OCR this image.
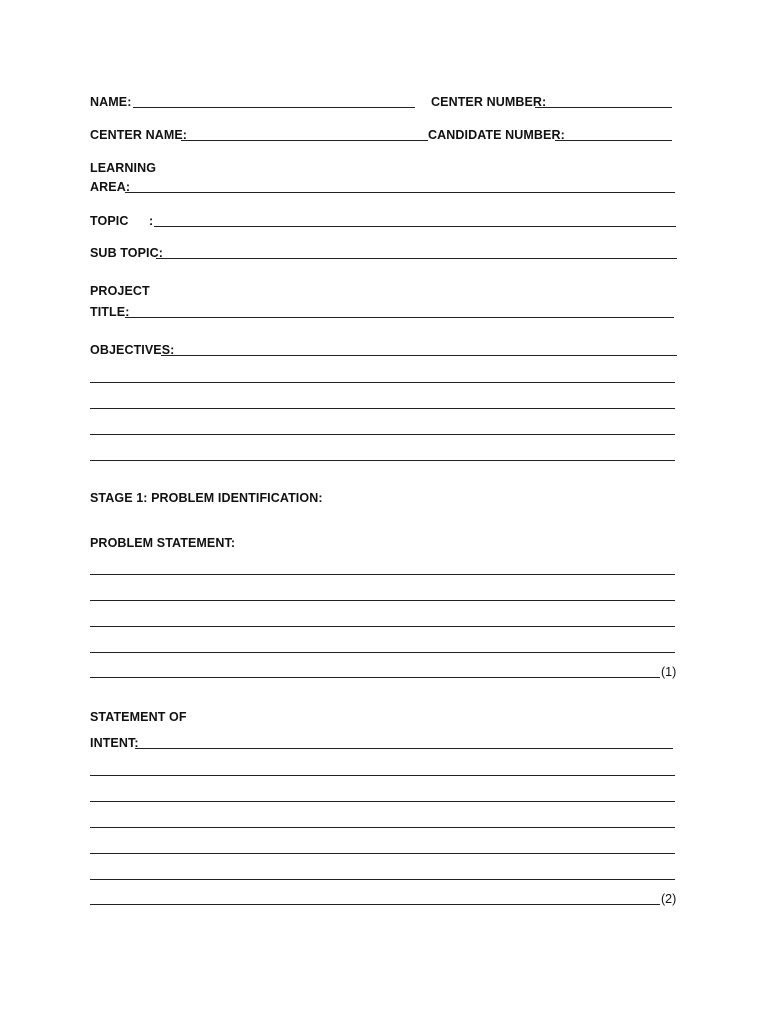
NAME:	CENTER NUMBER:
CENTER NAME:	CANDIDATE NUMBER:
LEARNING
AREA:
TOPIC :
SUB TOPIC:
PROJECT
TITLE:
OBJECTIVES:
STAGE 1: PROBLEM IDENTIFICATION:
PROBLEM STATEMENT:
(1)
STATEMENT OF
INTENT:
(2)
